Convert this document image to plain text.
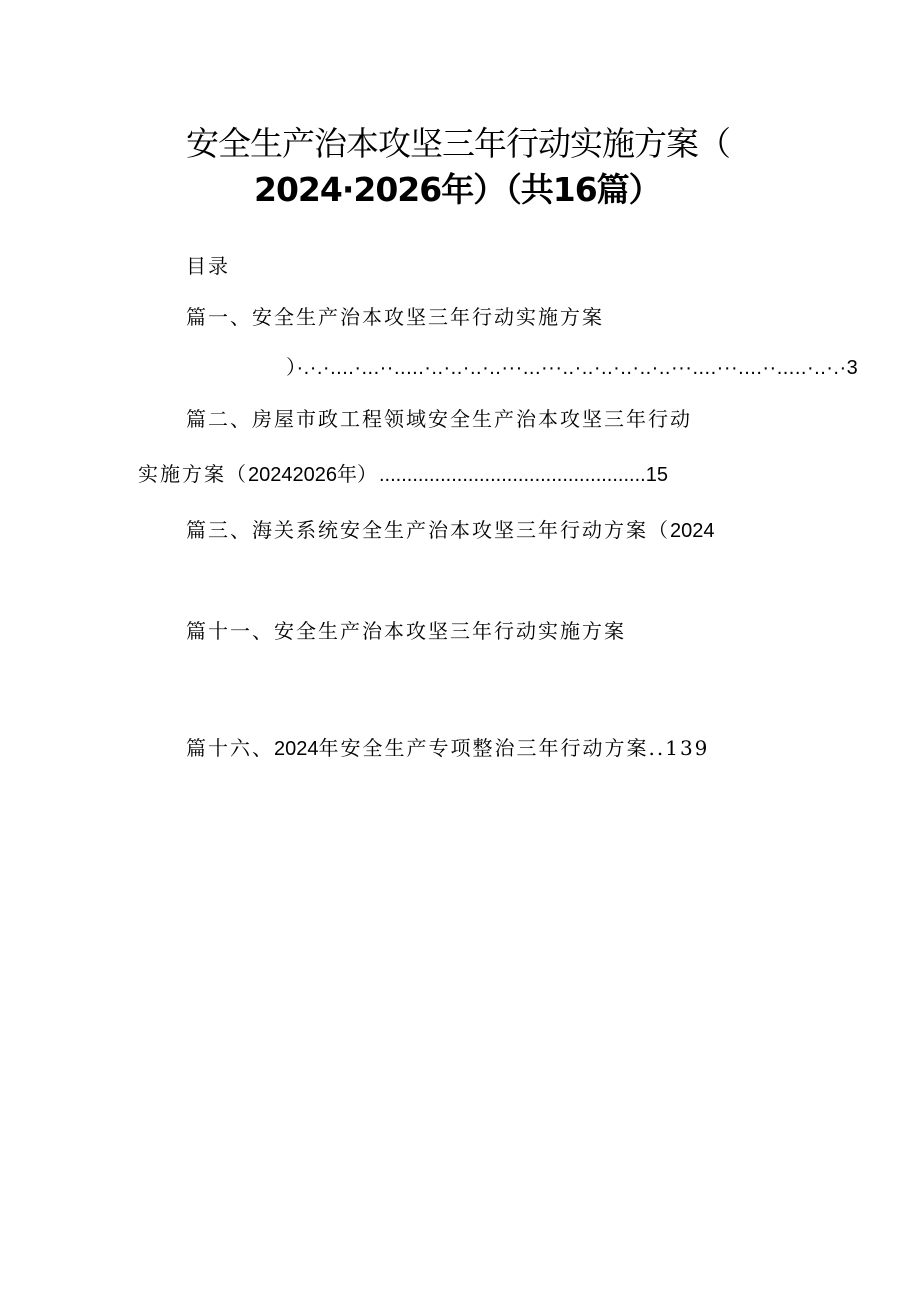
安全生产治本攻坚三年行动实施方案（
2024·2026年）（共16篇）
目录
篇一、安全生产治本攻坚三年行动实施方案
）·.·.·....·...··.....·..·..·..·..···...···..·..·..·..·..·..···....···....··.....·..·.·3
篇二、房屋市政工程领域安全生产治本攻坚三年行动
实施方案（20242026年）................................................15
篇三、海关系统安全生产治本攻坚三年行动方案（2024
篇十一、安全生产治本攻坚三年行动实施方案
篇十六、2024年安全生产专项整治三年行动方案..139
